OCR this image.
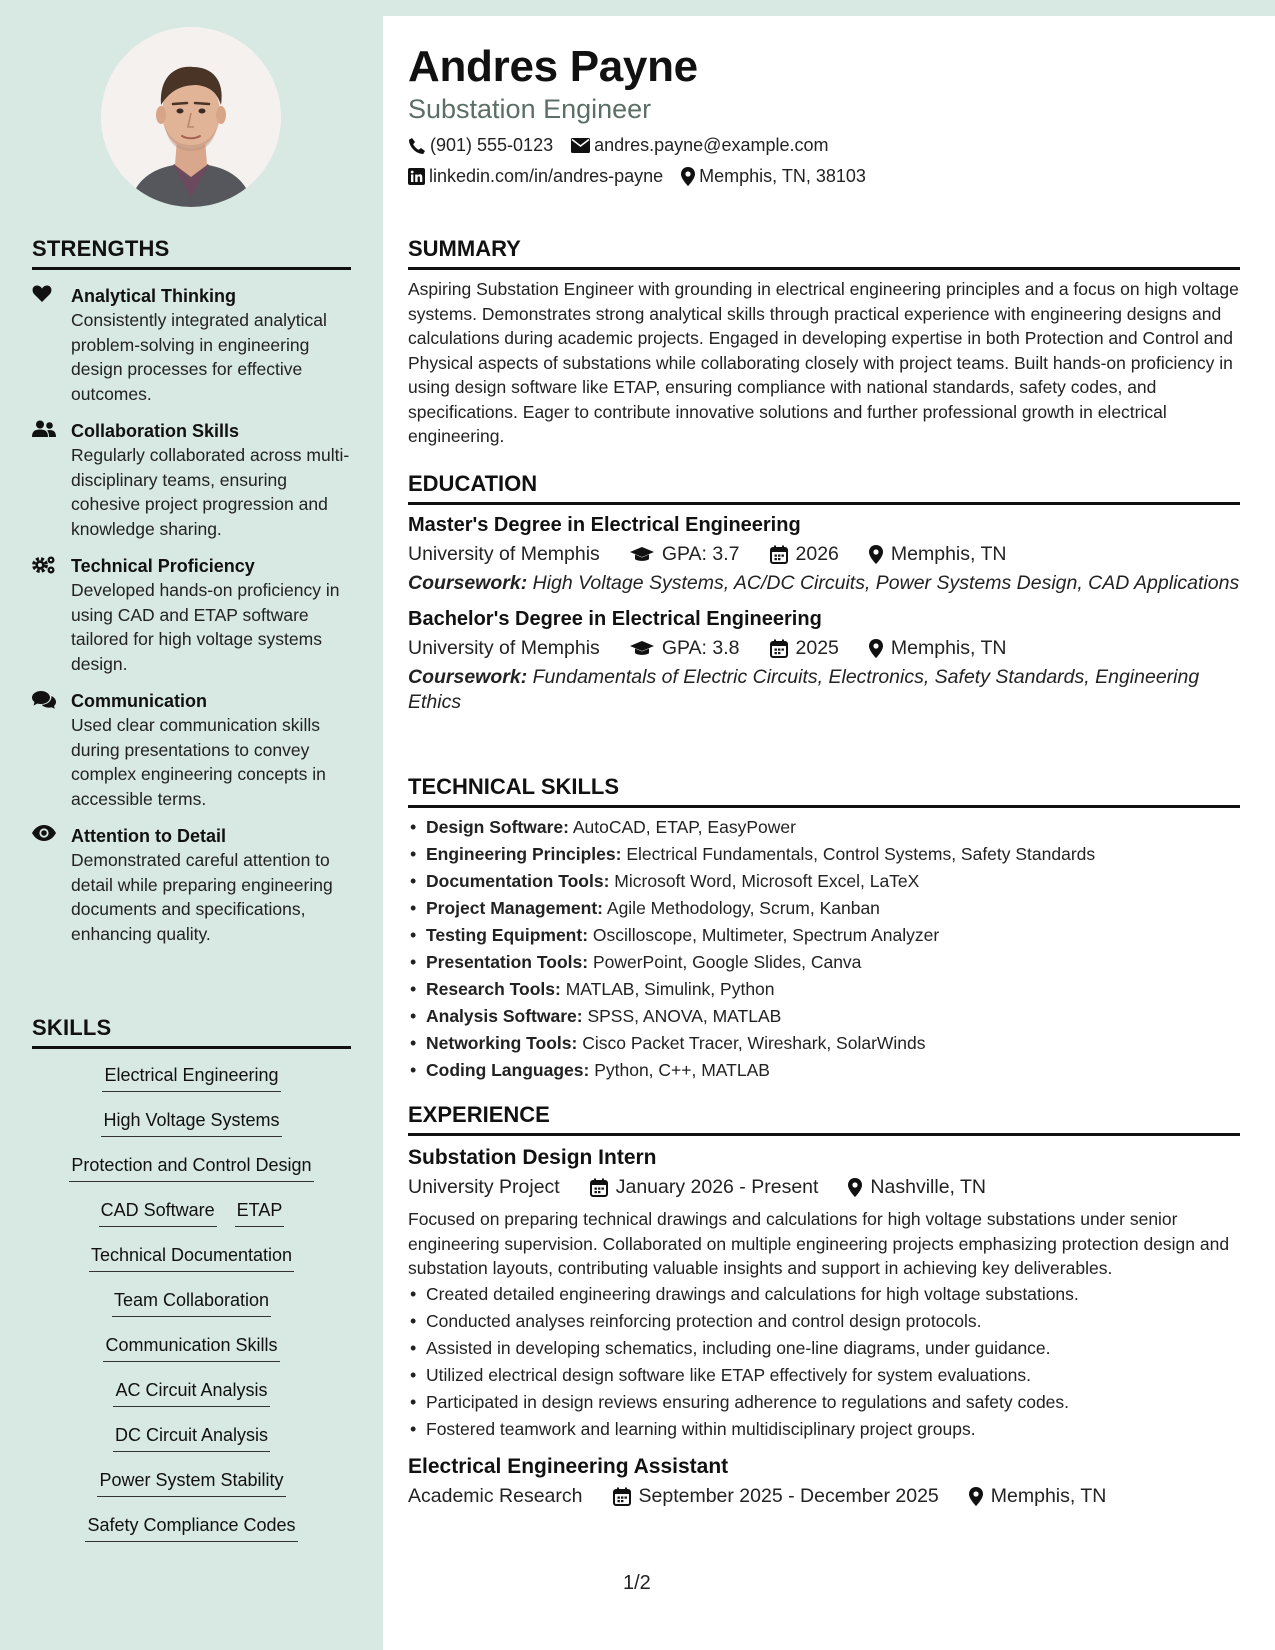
STRENGTHS
Analytical Thinking
Consistently integrated analytical problem-solving in engineering design processes for effective outcomes.
Collaboration Skills
Regularly collaborated across multi-disciplinary teams, ensuring cohesive project progression and knowledge sharing.
Technical Proficiency
Developed hands-on proficiency in using CAD and ETAP software tailored for high voltage systems design.
Communication
Used clear communication skills during presentations to convey complex engineering concepts in accessible terms.
Attention to Detail
Demonstrated careful attention to detail while preparing engineering documents and specifications, enhancing quality.
SKILLS
Electrical Engineering
High Voltage Systems
Protection and Control Design
CAD Software ETAP
Technical Documentation
Team Collaboration
Communication Skills
AC Circuit Analysis
DC Circuit Analysis
Power System Stability
Safety Compliance Codes
Andres Payne
Substation Engineer
(901) 555-0123 andres.payne@example.com
linkedin.com/in/andres-payne Memphis, TN, 38103
SUMMARY

Aspiring Substation Engineer with grounding in electrical engineering principles and a focus on high voltage systems. Demonstrates strong analytical skills through practical experience with engineering designs and calculations during academic projects. Engaged in developing expertise in both Protection and Control and Physical aspects of substations while collaborating closely with project teams. Built hands-on proficiency in using design software like ETAP, ensuring compliance with national standards, safety codes, and specifications. Eager to contribute innovative solutions and further professional growth in electrical engineering.

EDUCATION
Master's Degree in Electrical Engineering
University of Memphis	GPA: 3.7	2026	Memphis, TN
Coursework: High Voltage Systems, AC/DC Circuits, Power Systems Design, CAD Applications
Bachelor's Degree in Electrical Engineering
University of Memphis	GPA: 3.8	2025	Memphis, TN
Coursework: Fundamentals of Electric Circuits, Electronics, Safety Standards, Engineering Ethics
TECHNICAL SKILLS
• Design Software: AutoCAD, ETAP, EasyPower
• Engineering Principles: Electrical Fundamentals, Control Systems, Safety Standards
• Documentation Tools: Microsoft Word, Microsoft Excel, LaTeX
• Project Management: Agile Methodology, Scrum, Kanban
• Testing Equipment: Oscilloscope, Multimeter, Spectrum Analyzer
• Presentation Tools: PowerPoint, Google Slides, Canva
• Research Tools: MATLAB, Simulink, Python
• Analysis Software: SPSS, ANOVA, MATLAB
• Networking Tools: Cisco Packet Tracer, Wireshark, SolarWinds
• Coding Languages: Python, C++, MATLAB
EXPERIENCE
Substation Design Intern
University Project	January 2026 - Present	Nashville, TN

Focused on preparing technical drawings and calculations for high voltage substations under senior engineering supervision. Collaborated on multiple engineering projects emphasizing protection design and substation layouts, contributing valuable insights and support in achieving key deliverables.

• Created detailed engineering drawings and calculations for high voltage substations.
• Conducted analyses reinforcing protection and control design protocols.
• Assisted in developing schematics, including one-line diagrams, under guidance.
• Utilized electrical design software like ETAP effectively for system evaluations.
• Participated in design reviews ensuring adherence to regulations and safety codes.
• Fostered teamwork and learning within multidisciplinary project groups.
Electrical Engineering Assistant
Academic Research	September 2025 - December 2025	Memphis, TN
1/2
